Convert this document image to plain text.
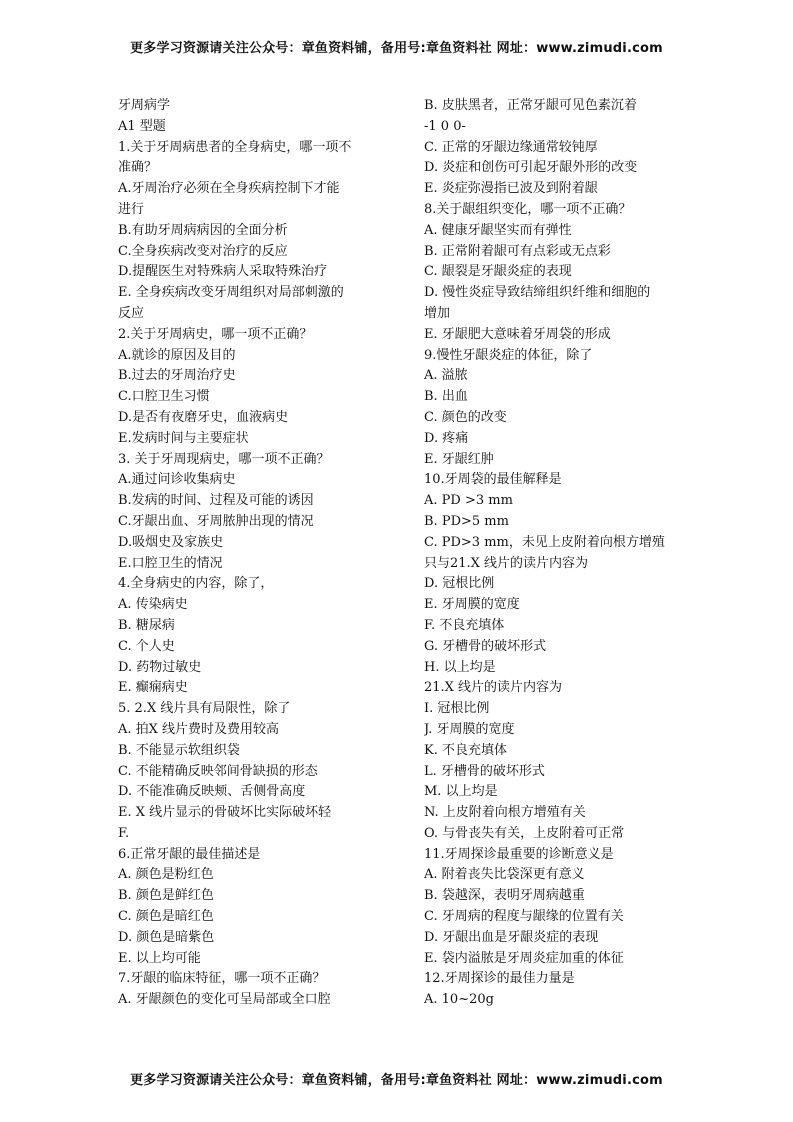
更多学习资源请关注公众号：章鱼资料铺，备用号:章鱼资料社 网址：www.zimudi.com
牙周病学
A1 型题
1.关于牙周病患者的全身病史，哪一项不
准确？
A.牙周治疗必须在全身疾病控制下才能
进行
B.有助牙周病病因的全面分析
C.全身疾病改变对治疗的反应
D.提醒医生对特殊病人采取特殊治疗
E. 全身疾病改变牙周组织对局部刺激的
反应
2.关于牙周病史，哪一项不正确？
A.就诊的原因及目的
B.过去的牙周治疗史
C.口腔卫生习惯
D.是否有夜磨牙史，血液病史
E.发病时间与主要症状
3. 关于牙周现病史，哪一项不正确？
A.通过问诊收集病史
B.发病的时间、过程及可能的诱因
C.牙龈出血、牙周脓肿出现的情况
D.吸烟史及家族史
E.口腔卫生的情况
4.全身病史的内容，除了，
A. 传染病史
B. 糖尿病
C. 个人史
D. 药物过敏史
E. 癫痫病史
5. 2.X 线片具有局限性，除了
A. 拍X 线片费时及费用较高
B. 不能显示软组织袋
C. 不能精确反映邻间骨缺损的形态
D. 不能准确反映颊、舌侧骨高度
E. X 线片显示的骨破坏比实际破坏轻
F.
6.正常牙龈的最佳描述是
A. 颜色是粉红色
B. 颜色是鲜红色
C. 颜色是暗红色
D. 颜色是暗紫色
E. 以上均可能
7.牙龈的临床特征，哪一项不正确？
A. 牙龈颜色的变化可呈局部或全口腔
B. 皮肤黑者，正常牙龈可见色素沉着
-1 0 0-
C. 正常的牙龈边缘通常较钝厚
D. 炎症和创伤可引起牙龈外形的改变
E. 炎症弥漫指已波及到附着龈
8.关于龈组织变化，哪一项不正确？
A. 健康牙龈坚实而有弹性
B. 正常附着龈可有点彩或无点彩
C. 龈裂是牙龈炎症的表现
D. 慢性炎症导致结缔组织纤维和细胞的
增加
E. 牙龈肥大意味着牙周袋的形成
9.慢性牙龈炎症的体征，除了
A. 溢脓
B. 出血
C. 颜色的改变
D. 疼痛
E. 牙龈红肿
10.牙周袋的最佳解释是
A. PD >3 mm
B. PD>5 mm
C. PD>3 mm，未见上皮附着向根方增殖
只与21.X 线片的读片内容为
D. 冠根比例
E. 牙周膜的宽度
F. 不良充填体
G. 牙槽骨的破坏形式
H. 以上均是
21.X 线片的读片内容为
I. 冠根比例
J. 牙周膜的宽度
K. 不良充填体
L. 牙槽骨的破坏形式
M. 以上均是
N. 上皮附着向根方增殖有关
O. 与骨丧失有关，上皮附着可正常
11.牙周探诊最重要的诊断意义是
A. 附着丧失比袋深更有意义
B. 袋越深，表明牙周病越重
C. 牙周病的程度与龈缘的位置有关
D. 牙龈出血是牙龈炎症的表现
E. 袋内溢脓是牙周炎症加重的体征
12.牙周探诊的最佳力量是
A. 10~20g
更多学习资源请关注公众号：章鱼资料铺，备用号:章鱼资料社 网址：www.zimudi.com
